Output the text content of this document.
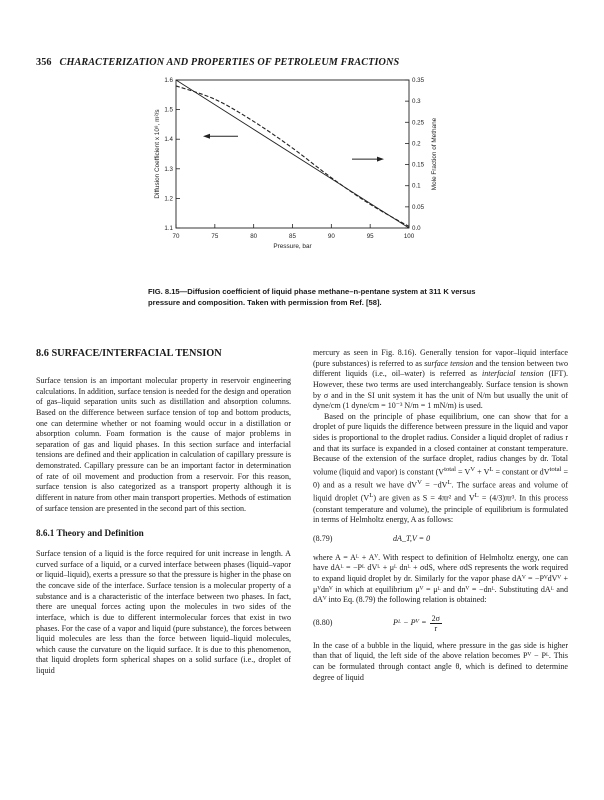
356 CHARACTERIZATION AND PROPERTIES OF PETROLEUM FRACTIONS
70	75	80	85	90	95	100
1.1
1.2
1.3
1.4
1.5
1.6
0.0
0.05
0.1
0.15
0.2
0.25
0.3
0.35
Pressure, bar
Diffusion Coefficient x 10⁸, m²/s	Mole Fraction of Methane
FIG. 8.15—Diffusion coefficient of liquid phase methane–n-pentane system at 311 K versus pressure and composition. Taken with permission from Ref. [58].
8.6 SURFACE/INTERFACIAL TENSION

Surface tension is an important molecular property in reservoir engineering calculations. In addition, surface tension is needed for the design and operation of gas–liquid separation units such as distillation and absorption columns. Based on the difference between surface tension of top and bottom products, one can determine whether or not foaming would occur in a distillation or absorption column. Foam formation is the cause of major problems in separation of gas and liquid phases. In this section surface and interfacial tensions are defined and their application in calculation of capillary pressure is demonstrated. Capillary pressure can be an important factor in determination of rate of oil movement and production from a reservoir. For this reason, surface tension is also categorized as a transport property although it is different in nature from other main transport properties. Methods of estimation of surface tension are presented in the second part of this section.

8.6.1 Theory and Definition

Surface tension of a liquid is the force required for unit increase in length. A curved surface of a liquid, or a curved interface between phases (liquid–vapor or liquid–liquid), exerts a pressure so that the pressure is higher in the phase on the concave side of the interface. Surface tension is a molecular property of a substance and is a characteristic of the interface between two phases. In fact, there are unequal forces acting upon the molecules in two sides of the interface, which is due to different intermolecular forces that exist in two phases. For the case of a vapor and liquid (pure substance), the forces between liquid molecules are less than the force between liquid–liquid molecules, which cause the curvature on the liquid surface. It is due to this phenomenon, that liquid droplets form spherical shapes on a solid surface (i.e., droplet of liquid

mercury as seen in Fig. 8.16). Generally tension for vapor–liquid interface (pure substances) is referred to as surface tension and the tension between two different liquids (i.e., oil–water) is referred as interfacial tension (IFT). However, these two terms are used interchangeably. Surface tension is shown by σ and in the SI unit system it has the unit of N/m but usually the unit of dyne/cm (1 dyne/cm = 10⁻³ N/m = 1 mN/m) is used.

Based on the principle of phase equilibrium, one can show that for a droplet of pure liquids the difference between pressure in the liquid and vapor sides is proportional to the droplet radius. Consider a liquid droplet of radius r and that its surface is expanded in a closed container at constant temperature. Because of the extension of the surface droplet, radius changes by dr. Total volume (liquid and vapor) is constant ($V^{total} = V^V + V^L$ = constant or $dV^{total} = 0$) and as a result we have $dV^V = -dV^L$. The surface areas and volume of liquid droplet $(V^L)$ are given as S = 4πr² and $V^L = (4/3)\pi r^3$. In this process (constant temperature and volume), the principle of equilibrium is formulated in terms of Helmholtz energy, A as follows:

(8.79)	dA_T,V = 0

where A = Aᴸ + Aⱽ. With respect to definition of Helmholtz energy, one can have dAᴸ = −Pᴸ dVᴸ + μᴸ dnᴸ + σdS, where σdS represents the work required to expand liquid droplet by dr. Similarly for the vapor phase dAⱽ = −PⱽdVⱽ + μⱽdnⱽ in which at equilibrium μⱽ = μᴸ and dnⱽ = −dnᴸ. Substituting dAᴸ and dAⱽ into Eq. (8.79) the following relation is obtained:

(8.80)	Pᴸ − Pⱽ = $\frac{2\sigma}{r}$

In the case of a bubble in the liquid, where pressure in the gas side is higher than that of liquid, the left side of the above relation becomes Pⱽ − Pᴸ. This can be formulated through contact angle θ, which is defined to determine degree of liquid
